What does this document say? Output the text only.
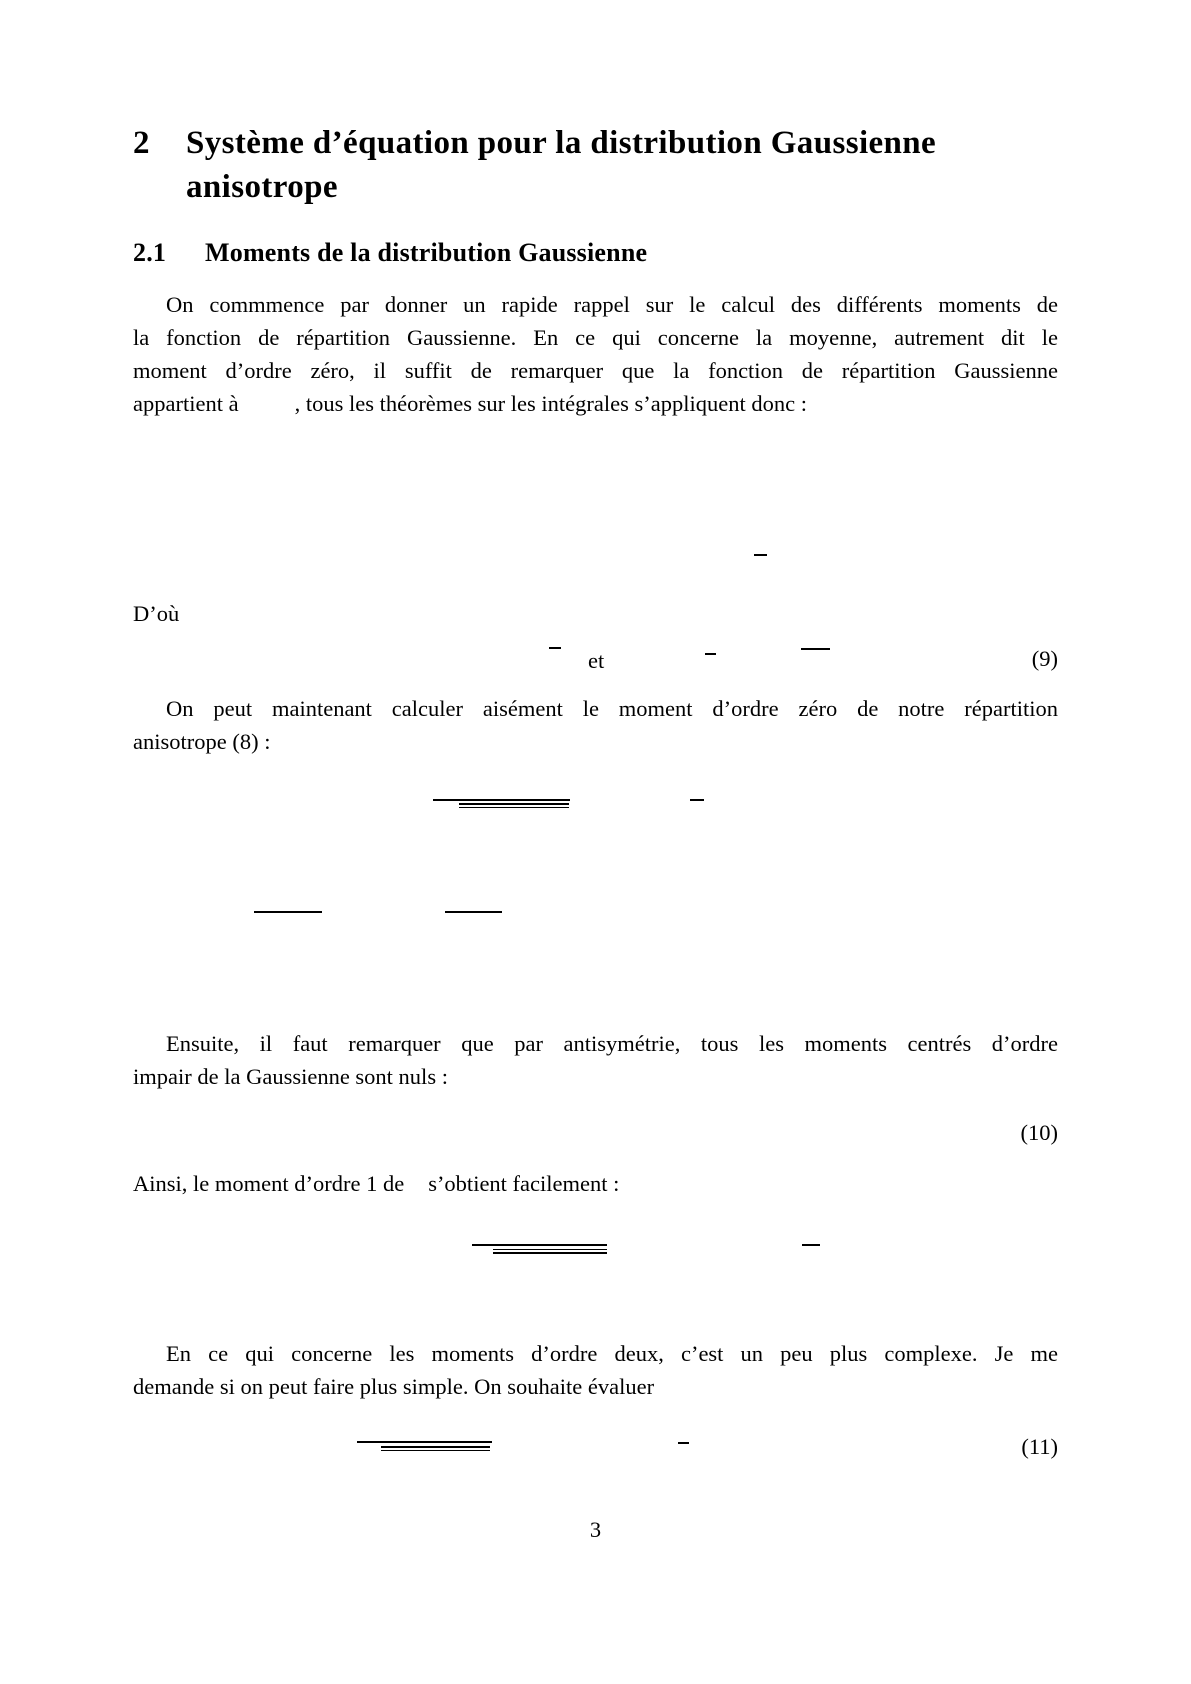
2 Système d’équation pour la distribution Gaussienne
anisotrope
2.1 Moments de la distribution Gaussienne
On commmence par donner un rapide rappel sur le calcul des différents moments de
la fonction de répartition Gaussienne. En ce qui concerne la moyenne, autrement dit le
moment d’ordre zéro, il suffit de remarquer que la fonction de répartition Gaussienne
appartient à , tous les théorèmes sur les intégrales s’appliquent donc :
D’où
et	(9)
On peut maintenant calculer aisément le moment d’ordre zéro de notre répartition
anisotrope (8) :
Ensuite, il faut remarquer que par antisymétrie, tous les moments centrés d’ordre
impair de la Gaussienne sont nuls :
(10)
Ainsi, le moment d’ordre 1 de s’obtient facilement :
En ce qui concerne les moments d’ordre deux, c’est un peu plus complexe. Je me
demande si on peut faire plus simple. On souhaite évaluer
(11)
3
